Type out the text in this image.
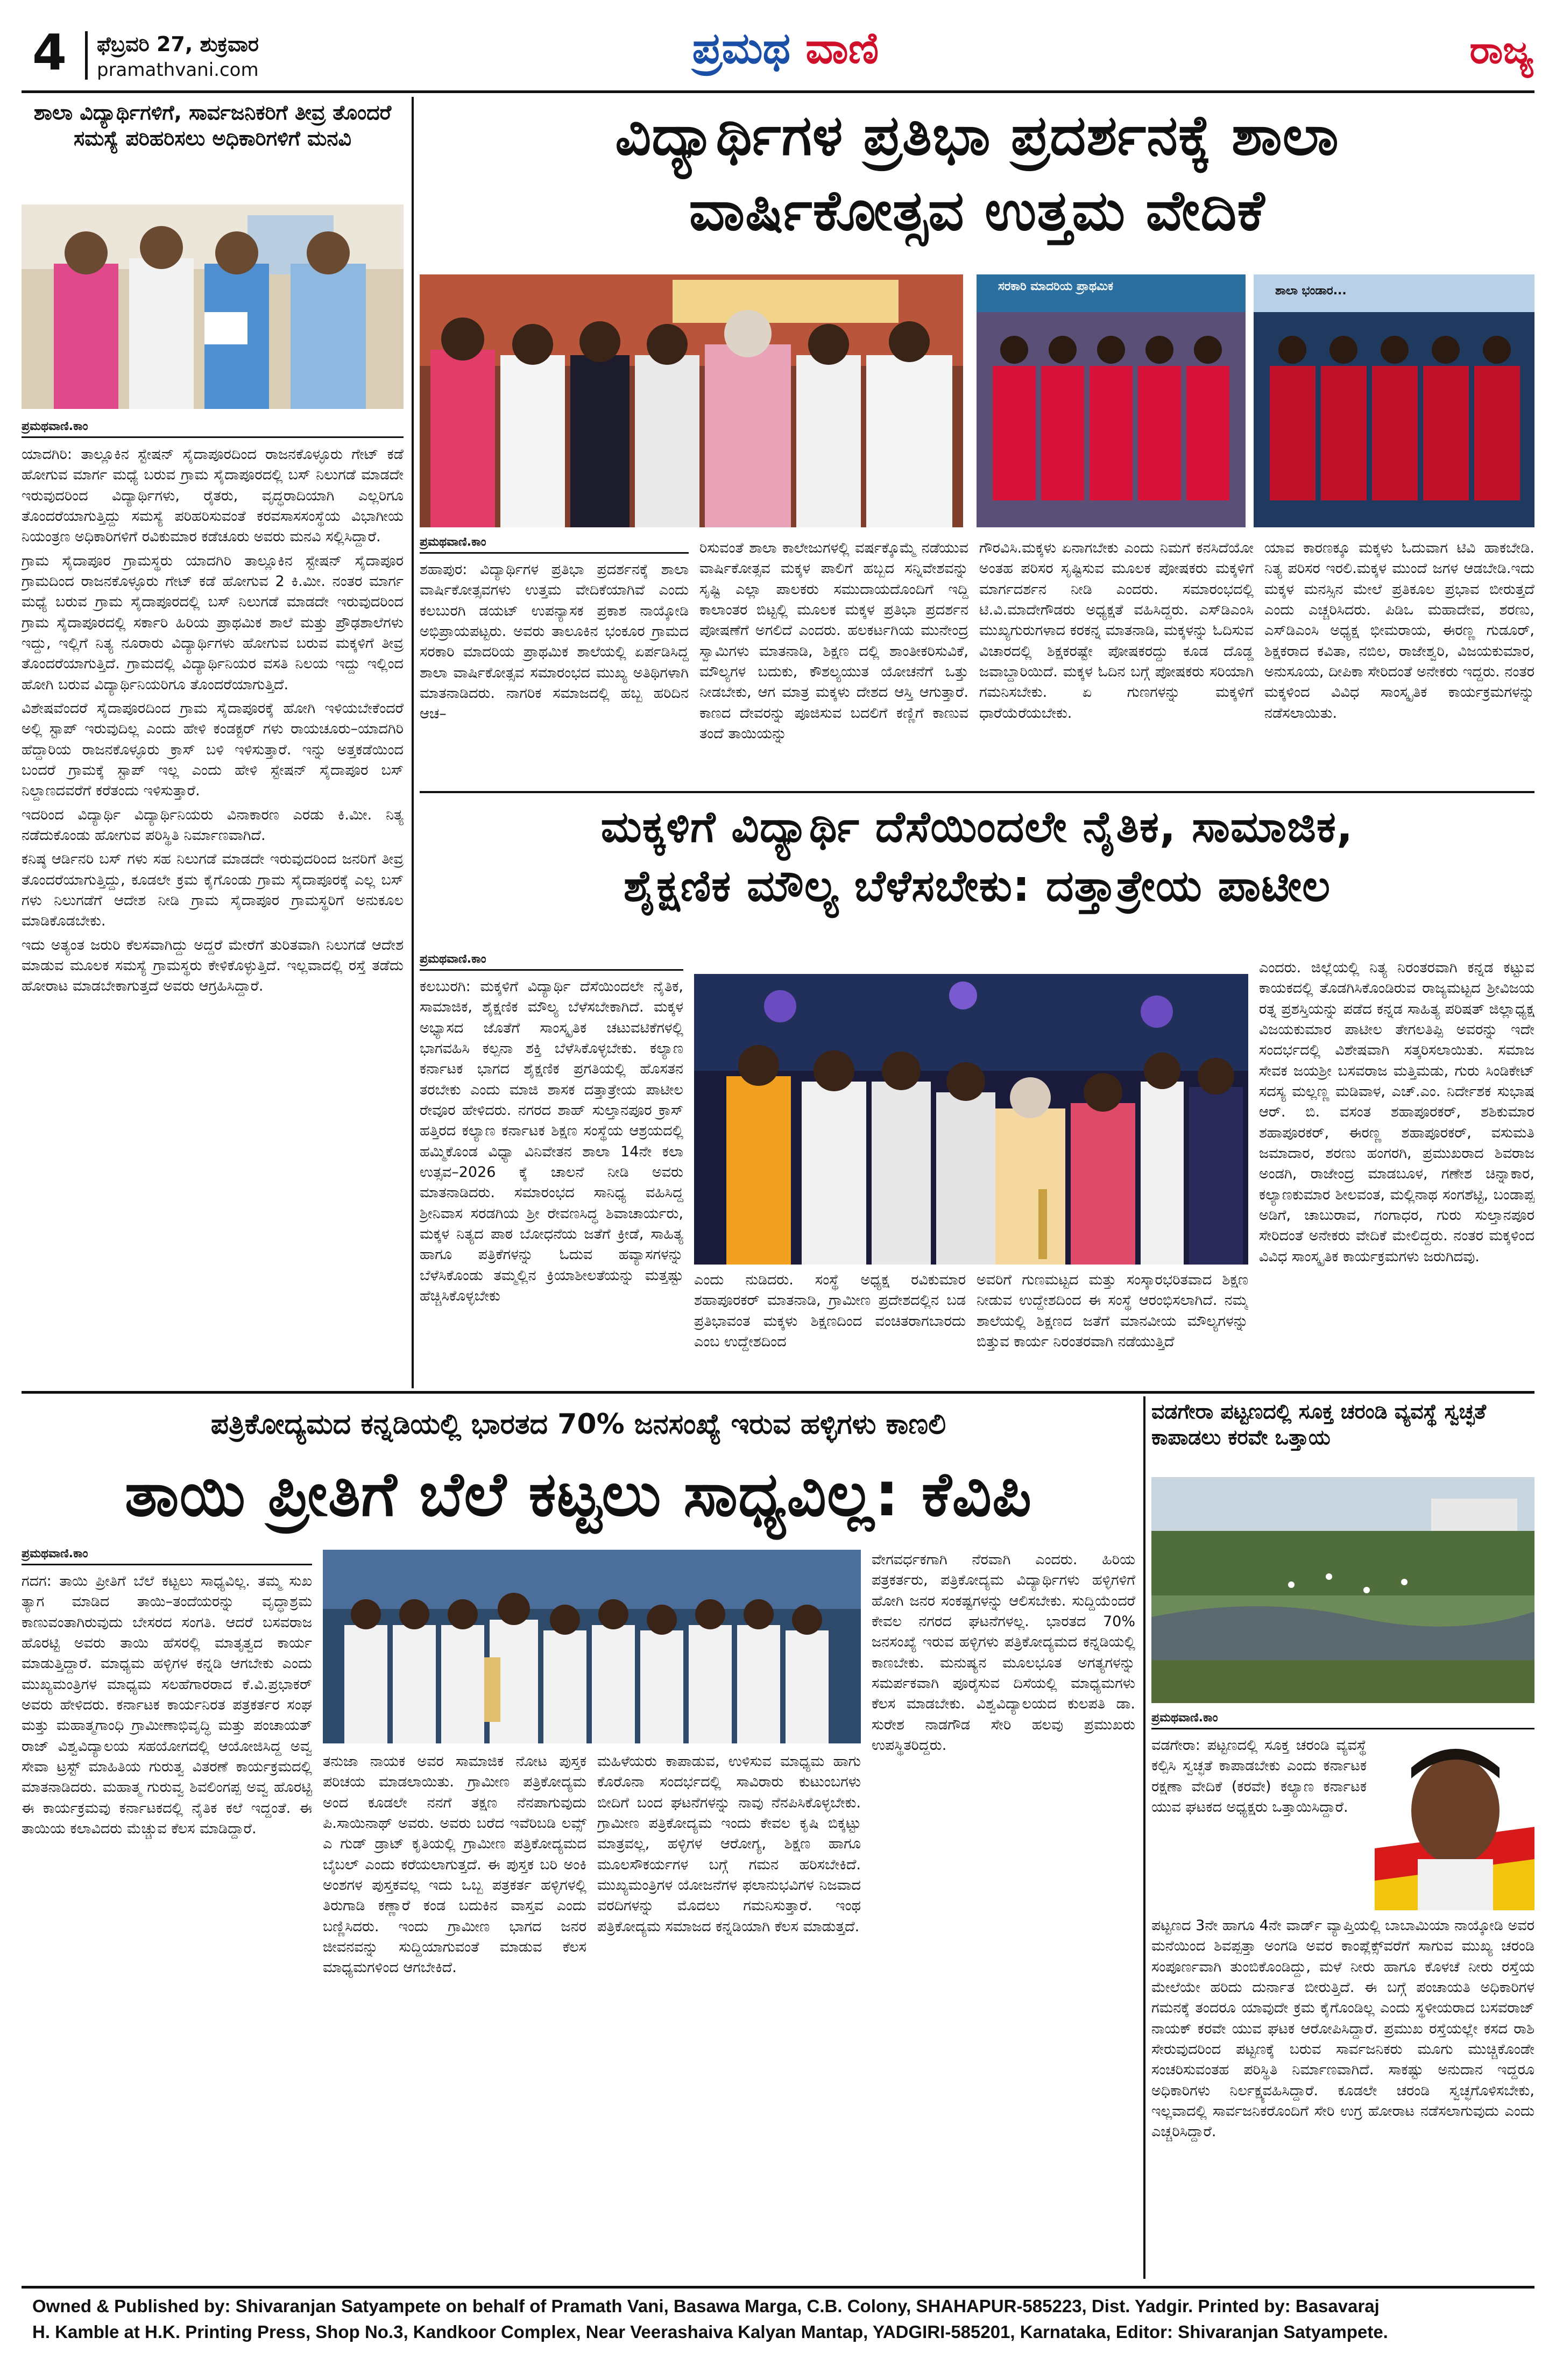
4 ಫೆಬ್ರವರಿ 27, ಶುಕ್ರವಾರ
pramathvani.com	ಪ್ರಮಥ ವಾಣಿ	ರಾಜ್ಯ
ಶಾಲಾ ವಿದ್ಯಾರ್ಥಿಗಳಿಗೆ, ಸಾರ್ವಜನಿಕರಿಗೆ ತೀವ್ರ ತೊಂದರೆ ಸಮಸ್ಯೆ ಪರಿಹರಿಸಲು ಅಧಿಕಾರಿಗಳಿಗೆ ಮನವಿ
ಪ್ರಮಥವಾಣಿ.ಕಾಂ

ಯಾದಗಿರಿ: ತಾಲ್ಲೂಕಿನ ಸ್ಟೇಷನ್ ಸೈದಾಪೂರದಿಂದ ರಾಜನಕೊಳ್ಳೂರು ಗೇಟ್ ಕಡೆ ಹೋಗುವ ಮಾರ್ಗ ಮಧ್ಯೆ ಬರುವ ಗ್ರಾಮ ಸೈದಾಪೂರದಲ್ಲಿ ಬಸ್ ನಿಲುಗಡೆ ಮಾಡದೇ ಇರುವುದರಿಂದ ವಿದ್ಯಾರ್ಥಿಗಳು, ರೈತರು, ವೃದ್ಧರಾದಿಯಾಗಿ ಎಲ್ಲರಿಗೂ ತೊಂದರೆಯಾಗುತ್ತಿದ್ದು ಸಮಸ್ಯೆ ಪರಿಹರಿಸುವಂತೆ ಕರವಸಾಸಸಂಸ್ಥೆಯ ವಿಭಾಗೀಯ ನಿಯಂತ್ರಣ ಅಧಿಕಾರಿಗಳಿಗೆ ರವಿಕುಮಾರ ಕಡೆಚೂರು ಅವರು ಮನವಿ ಸಲ್ಲಿಸಿದ್ದಾರೆ.

ಗ್ರಾಮ ಸೈದಾಪೂರ ಗ್ರಾಮಸ್ಥರು ಯಾದಗಿರಿ ತಾಲ್ಲೂಕಿನ ಸ್ಟೇಷನ್ ಸೈದಾಪೂರ ಗ್ರಾಮದಿಂದ ರಾಜನಕೊಳ್ಳೂರು ಗೇಟ್ ಕಡೆ ಹೋಗುವ 2 ಕಿ.ಮೀ. ನಂತರ ಮಾರ್ಗ ಮಧ್ಯೆ ಬರುವ ಗ್ರಾಮ ಸೈದಾಪೂರದಲ್ಲಿ ಬಸ್ ನಿಲುಗಡೆ ಮಾಡದೇ ಇರುವುದರಿಂದ ಗ್ರಾಮ ಸೈದಾಪೂರದಲ್ಲಿ ಸರ್ಕಾರಿ ಹಿರಿಯ ಪ್ರಾಥಮಿಕ ಶಾಲೆ ಮತ್ತು ಪ್ರೌಢಶಾಲೆಗಳು ಇದ್ದು, ಇಲ್ಲಿಗೆ ನಿತ್ಯ ನೂರಾರು ವಿದ್ಯಾರ್ಥಿಗಳು ಹೋಗುವ ಬರುವ ಮಕ್ಕಳಿಗೆ ತೀವ್ರ ತೊಂದರೆಯಾಗುತ್ತಿದೆ. ಗ್ರಾಮದಲ್ಲಿ ವಿದ್ಯಾರ್ಥಿನಿಯರ ವಸತಿ ನಿಲಯ ಇದ್ದು ಇಲ್ಲಿಂದ ಹೋಗಿ ಬರುವ ವಿದ್ಯಾರ್ಥಿನಿಯರಿಗೂ ತೊಂದರೆಯಾಗುತ್ತಿದೆ.

ವಿಶೇಷವೆಂದರೆ ಸೈದಾಪೂರದಿಂದ ಗ್ರಾಮ ಸೈದಾಪೂರಕ್ಕೆ ಹೋಗಿ ಇಳಿಯಬೇಕೆಂದರೆ ಅಲ್ಲಿ ಸ್ಟಾಪ್ ಇರುವುದಿಲ್ಲ ಎಂದು ಹೇಳಿ ಕಂಡಕ್ಟರ್ ಗಳು ರಾಯಚೂರು–ಯಾದಗಿರಿ ಹೆದ್ದಾರಿಯ ರಾಜನಕೊಳ್ಳೂರು ಕ್ರಾಸ್ ಬಳಿ ಇಳಿಸುತ್ತಾರೆ. ಇನ್ನು ಅತ್ತಕಡೆಯಿಂದ ಬಂದರೆ ಗ್ರಾಮಕ್ಕೆ ಸ್ಟಾಪ್ ಇಲ್ಲ ಎಂದು ಹೇಳಿ ಸ್ಟೇಷನ್ ಸೈದಾಪೂರ ಬಸ್ ನಿಲ್ದಾಣದವರೆಗೆ ಕರೆತಂದು ಇಳಿಸುತ್ತಾರೆ.

ಇದರಿಂದ ವಿದ್ಯಾರ್ಥಿ ವಿದ್ಯಾರ್ಥಿನಿಯರು ವಿನಾಕಾರಣ ಎರಡು ಕಿ.ಮೀ. ನಿತ್ಯ ನಡೆದುಕೊಂಡು ಹೋಗುವ ಪರಿಸ್ಥಿತಿ ನಿರ್ಮಾಣವಾಗಿದೆ.

ಕನಿಷ್ಠ ಆರ್ಡಿನರಿ ಬಸ್ ಗಳು ಸಹ ನಿಲುಗಡೆ ಮಾಡದೇ ಇರುವುದರಿಂದ ಜನರಿಗೆ ತೀವ್ರ ತೊಂದರೆಯಾಗುತ್ತಿದ್ದು, ಕೂಡಲೇ ಕ್ರಮ ಕೈಗೊಂಡು ಗ್ರಾಮ ಸೈದಾಪೂರಕ್ಕೆ ಎಲ್ಲ ಬಸ್ ಗಳು ನಿಲುಗಡೆಗೆ ಆದೇಶ ನೀಡಿ ಗ್ರಾಮ ಸೈದಾಪೂರ ಗ್ರಾಮಸ್ಥರಿಗೆ ಅನುಕೂಲ ಮಾಡಿಕೊಡಬೇಕು.

ಇದು ಅತ್ಯಂತ ಜರುರಿ ಕೆಲಸವಾಗಿದ್ದು ಅದ್ದರೆ ಮೇರೆಗೆ ತುರಿತವಾಗಿ ನಿಲುಗಡೆ ಆದೇಶ ಮಾಡುವ ಮೂಲಕ ಸಮಸ್ಯೆ ಗ್ರಾಮಸ್ಥರು ಕೇಳಿಕೊಳ್ಳುತ್ತಿದೆ. ಇಲ್ಲವಾದಲ್ಲಿ ರಸ್ತೆ ತಡೆದು ಹೋರಾಟ ಮಾಡಬೇಕಾಗುತ್ತದೆ ಅವರು ಆಗ್ರಹಿಸಿದ್ದಾರೆ.

ವಿದ್ಯಾರ್ಥಿಗಳ ಪ್ರತಿಭಾ ಪ್ರದರ್ಶನಕ್ಕೆ ಶಾಲಾ
ವಾರ್ಷಿಕೋತ್ಸವ ಉತ್ತಮ ವೇದಿಕೆ
ಸರಕಾರಿ ಮಾದರಿಯ ಪ್ರಾಥಮಿಕ	ಶಾಲಾ ಭಂಡಾರ...
ಪ್ರಮಥವಾಣಿ.ಕಾಂ
ಶಹಾಪುರ: ವಿದ್ಯಾರ್ಥಿಗಳ ಪ್ರತಿಭಾ ಪ್ರದರ್ಶನಕ್ಕೆ ಶಾಲಾ ವಾರ್ಷಿಕೋತ್ಸವಗಳು ಉತ್ತಮ ವೇದಿಕೆಯಾಗಿವೆ ಎಂದು ಕಲಬುರಗಿ ಡಯಟ್ ಉಪನ್ಯಾಸಕ ಪ್ರಕಾಶ ನಾಯ್ಕೋಡಿ ಅಭಿಪ್ರಾಯಪಟ್ಟರು. ಅವರು ತಾಲೂಕಿನ ಭಂಕೂರ ಗ್ರಾಮದ ಸರಕಾರಿ ಮಾದರಿಯ ಪ್ರಾಥಮಿಕ ಶಾಲೆಯಲ್ಲಿ ಏರ್ಪಡಿಸಿದ್ದ ಶಾಲಾ ವಾರ್ಷಿಕೋತ್ಸವ ಸಮಾರಂಭದ ಮುಖ್ಯ ಅತಿಥಿಗಳಾಗಿ ಮಾತನಾಡಿದರು. ನಾಗರಿಕ ಸಮಾಜದಲ್ಲಿ ಹಬ್ಬ ಹರಿದಿನ ಆಚ–
ರಿಸುವಂತೆ ಶಾಲಾ ಕಾಲೇಜುಗಳಲ್ಲಿ ವರ್ಷಕ್ಕೊಮ್ಮೆ ನಡೆಯುವ ವಾರ್ಷಿಕೋತ್ಸವ ಮಕ್ಕಳ ಪಾಲಿಗೆ ಹಬ್ಬದ ಸನ್ನಿವೇಶವನ್ನು ಸೃಷ್ಟಿ ಎಲ್ಲಾ ಪಾಲಕರು ಸಮುದಾಯದೊಂದಿಗೆ ಇದ್ದಿ ಕಾಲಾಂತರ ಬಿಟ್ಟಲ್ಲಿ ಮೂಲಕ ಮಕ್ಕಳ ಪ್ರತಿಭಾ ಪ್ರದರ್ಶನ ಪೋಷಣೆಗೆ ಅಗಲಿದೆ ಎಂದರು. ಹಲಕರ್ಟಗಿಯ ಮುನೇಂದ್ರ ಸ್ವಾಮಿಗಳು ಮಾತನಾಡಿ, ಶಿಕ್ಷಣ ದಲ್ಲಿ ಶಾಂತೀಕರಿಸುವಿಕೆ, ಮೌಲ್ಯಗಳ ಬದುಕು, ಕೌಶಲ್ಯಯುತ ಯೋಚನೆಗೆ ಒತ್ತು ನೀಡಬೇಕು, ಆಗ ಮಾತ್ರ ಮಕ್ಕಳು ದೇಶದ ಆಸ್ತಿ ಆಗುತ್ತಾರೆ. ಕಾಣದ ದೇವರನ್ನು ಪೂಜಿಸುವ ಬದಲಿಗೆ ಕಣ್ಣಿಗೆ ಕಾಣುವ ತಂದೆ ತಾಯಿಯನ್ನು
ಗೌರವಿಸಿ.ಮಕ್ಕಳು ಏನಾಗಬೇಕು ಎಂದು ನಿಮಗೆ ಕನಸಿದೆಯೋ ಅಂತಹ ಪರಿಸರ ಸೃಷ್ಟಿಸುವ ಮೂಲಕ ಪೋಷಕರು ಮಕ್ಕಳಿಗೆ ಮಾರ್ಗದರ್ಶನ ನೀಡಿ ಎಂದರು. ಸಮಾರಂಭದಲ್ಲಿ ಟಿ.ವಿ.ಮಾದೇಗೌಡರು ಅಧ್ಯಕ್ಷತೆ ವಹಿಸಿದ್ದರು. ಎಸ್‌ಡಿಎಂಸಿ ಮುಖ್ಯಗುರುಗಳಾದ ಕರಕನ್ನ ಮಾತನಾಡಿ, ಮಕ್ಕಳನ್ನು ಓದಿಸುವ ವಿಚಾರದಲ್ಲಿ ಶಿಕ್ಷಕರಷ್ಟೇ ಪೋಷಕರದ್ದು ಕೂಡ ದೊಡ್ಡ ಜವಾಬ್ದಾರಿಯಿದೆ. ಮಕ್ಕಳ ಓದಿನ ಬಗ್ಗೆ ಪೋಷಕರು ಸರಿಯಾಗಿ ಗಮನಿಸಬೇಕು. ಏ ಗುಣಗಳನ್ನು ಮಕ್ಕಳಿಗೆ ಧಾರೆಯೆರೆಯಬೇಕು.
ಯಾವ ಕಾರಣಕ್ಕೂ ಮಕ್ಕಳು ಓದುವಾಗ ಟಿವಿ ಹಾಕಬೇಡಿ. ನಿತ್ಯ ಪರಿಸರ ಇರಲಿ.ಮಕ್ಕಳ ಮುಂದೆ ಜಗಳ ಆಡಬೇಡಿ.ಇದು ಮಕ್ಕಳ ಮನಸ್ಸಿನ ಮೇಲೆ ಪ್ರತಿಕೂಲ ಪ್ರಭಾವ ಬೀರುತ್ತದೆ ಎಂದು ಎಚ್ಚರಿಸಿದರು. ಪಿಡಿಒ ಮಹಾದೇವ, ಶರಣು, ಎಸ್‌ಡಿಎಂಸಿ ಅಧ್ಯಕ್ಷ ಭೀಮರಾಯ, ಈರಣ್ಣ ಗುಡೂರ್, ಶಿಕ್ಷಕರಾದ ಕವಿತಾ, ನಬಿಲ, ರಾಜೇಶ್ವರಿ, ವಿಜಯಕುಮಾರ, ಅನುಸೂಯ, ದೀಪಿಕಾ ಸೇರಿದಂತೆ ಅನೇಕರು ಇದ್ದರು. ನಂತರ ಮಕ್ಕಳಿಂದ ವಿವಿಧ ಸಾಂಸ್ಕೃತಿಕ ಕಾರ್ಯಕ್ರಮಗಳನ್ನು ನಡೆಸಲಾಯಿತು.
ಮಕ್ಕಳಿಗೆ ವಿದ್ಯಾರ್ಥಿ ದೆಸೆಯಿಂದಲೇ ನೈತಿಕ, ಸಾಮಾಜಿಕ,
ಶೈಕ್ಷಣಿಕ ಮೌಲ್ಯ ಬೆಳೆಸಬೇಕು: ದತ್ತಾತ್ರೇಯ ಪಾಟೀಲ
ಪ್ರಮಥವಾಣಿ.ಕಾಂ
ಕಲಬುರಗಿ: ಮಕ್ಕಳಿಗೆ ವಿದ್ಯಾರ್ಥಿ ದೆಸೆಯಿಂದಲೇ ನೈತಿಕ, ಸಾಮಾಜಿಕ, ಶೈಕ್ಷಣಿಕ ಮೌಲ್ಯ ಬೆಳೆಸಬೇಕಾಗಿದೆ. ಮಕ್ಕಳ ಅಭ್ಯಾಸದ ಜೊತೆಗೆ ಸಾಂಸ್ಕೃತಿಕ ಚಟುವಟಿಕೆಗಳಲ್ಲಿ ಭಾಗವಹಿಸಿ ಕಲ್ಪನಾ ಶಕ್ತಿ ಬೆಳೆಸಿಕೊಳ್ಳಬೇಕು. ಕಲ್ಯಾಣ ಕರ್ನಾಟಕ ಭಾಗದ ಶೈಕ್ಷಣಿಕ ಪ್ರಗತಿಯಲ್ಲಿ ಹೊಸತನ ತರಬೇಕು ಎಂದು ಮಾಜಿ ಶಾಸಕ ದತ್ತಾತ್ರೇಯ ಪಾಟೀಲ ರೇವೂರ ಹೇಳಿದರು. ನಗರದ ಶಾಹ್ ಸುಲ್ತಾನಪೂರ ಕ್ರಾಸ್ ಹತ್ತಿರದ ಕಲ್ಯಾಣ ಕರ್ನಾಟಕ ಶಿಕ್ಷಣ ಸಂಸ್ಥೆಯ ಆಶ್ರಯದಲ್ಲಿ ಹಮ್ಮಿಕೊಂಡ ವಿಧ್ಯಾ ವಿನಿವೇತನ ಶಾಲಾ 14ನೇ ಕಲಾ ಉತ್ಸವ–2026 ಕ್ಕೆ ಚಾಲನೆ ನೀಡಿ ಅವರು ಮಾತನಾಡಿದರು. ಸಮಾರಂಭದ ಸಾನಿಧ್ಯ ವಹಿಸಿದ್ದ ಶ್ರೀನಿವಾಸ ಸರಡಗಿಯ ಶ್ರೀ ರೇವಣಸಿದ್ಧ ಶಿವಾಚಾರ್ಯರು, ಮಕ್ಕಳ ನಿತ್ಯದ ಪಾಠ ಬೋಧನೆಯ ಜತೆಗೆ ಕ್ರೀಡೆ, ಸಾಹಿತ್ಯ ಹಾಗೂ ಪತ್ರಿಕೆಗಳನ್ನು ಓದುವ ಹವ್ಯಾಸಗಳನ್ನು ಬೆಳೆಸಿಕೊಂಡು ತಮ್ಮಲ್ಲಿನ ಕ್ರಿಯಾಶೀಲತೆಯನ್ನು ಮತ್ತಷ್ಟು ಹೆಚ್ಚಿಸಿಕೊಳ್ಳಬೇಕು
ಎಂದು ನುಡಿದರು. ಸಂಸ್ಥೆ ಅಧ್ಯಕ್ಷ ರವಿಕುಮಾರ ಶಹಾಪೂರಕರ್ ಮಾತನಾಡಿ, ಗ್ರಾಮೀಣ ಪ್ರದೇಶದಲ್ಲಿನ ಬಡ ಪ್ರತಿಭಾವಂತ ಮಕ್ಕಳು ಶಿಕ್ಷಣದಿಂದ ವಂಚಿತರಾಗಬಾರದು ಎಂಬ ಉದ್ದೇಶದಿಂದ
ಅವರಿಗೆ ಗುಣಮಟ್ಟದ ಮತ್ತು ಸಂಸ್ಕಾರಭರಿತವಾದ ಶಿಕ್ಷಣ ನೀಡುವ ಉದ್ದೇಶದಿಂದ ಈ ಸಂಸ್ಥೆ ಆರಂಭಿಸಲಾಗಿದೆ. ನಮ್ಮ ಶಾಲೆಯಲ್ಲಿ ಶಿಕ್ಷಣದ ಜತೆಗೆ ಮಾನವೀಯ ಮೌಲ್ಯಗಳನ್ನು ಬಿತ್ತುವ ಕಾರ್ಯ ನಿರಂತರವಾಗಿ ನಡೆಯುತ್ತಿದೆ
ಎಂದರು. ಜಿಲ್ಲೆಯಲ್ಲಿ ನಿತ್ಯ ನಿರಂತರವಾಗಿ ಕನ್ನಡ ಕಟ್ಟುವ ಕಾಯಕದಲ್ಲಿ ತೊಡಗಿಸಿಕೊಂಡಿರುವ ರಾಜ್ಯಮಟ್ಟದ ಶ್ರೀವಿಜಯ ರತ್ನ ಪ್ರಶಸ್ತಿಯನ್ನು ಪಡೆದ ಕನ್ನಡ ಸಾಹಿತ್ಯ ಪರಿಷತ್ ಜಿಲ್ಲಾಧ್ಯಕ್ಷ ವಿಜಯಕುಮಾರ ಪಾಟೀಲ ತೇಗಲತಿಪ್ಪಿ ಅವರನ್ನು ಇದೇ ಸಂದರ್ಭದಲ್ಲಿ ವಿಶೇಷವಾಗಿ ಸತ್ಕರಿಸಲಾಯಿತು. ಸಮಾಜ ಸೇವಕ ಜಯಶ್ರೀ ಬಸವರಾಜ ಮತ್ತಿಮಡು, ಗುರು ಸಿಂಡಿಕೇಟ್ ಸದಸ್ಯ ಮಲ್ಲಣ್ಣ ಮಡಿವಾಳ, ಎಚ್.ಎಂ. ನಿರ್ದೇಶಕ ಸುಭಾಷ ಆರ್. ಬಿ. ವಸಂತ ಶಹಾಪೂರಕರ್, ಶಶಿಕುಮಾರ ಶಹಾಪೂರಕರ್, ಈರಣ್ಣ ಶಹಾಪೂರಕರ್, ವಸುಮತಿ ಜಮಾದಾರ, ಶರಣು ಹಂಗರಗಿ, ಪ್ರಮುಖರಾದ ಶಿವರಾಜ ಅಂಡಗಿ, ರಾಜೇಂದ್ರ ಮಾಡಬೂಳ, ಗಣೇಶ ಚಿನ್ನಾಕಾರ, ಕಲ್ಯಾಣಕುಮಾರ ಶೀಲವಂತ, ಮಲ್ಲಿನಾಥ ಸಂಗಶೆಟ್ಟಿ, ಬಂಡಾಪ್ಪ ಅಡಿಗೆ, ಚಾಬುರಾವ, ಗಂಗಾಧರ, ಗುರು ಸುಲ್ತಾನಪೂರ ಸೇರಿದಂತೆ ಅನೇಕರು ವೇದಿಕೆ ಮೇಲಿದ್ದರು. ನಂತರ ಮಕ್ಕಳಿಂದ ವಿವಿಧ ಸಾಂಸ್ಕೃತಿಕ ಕಾರ್ಯಕ್ರಮಗಳು ಜರುಗಿದವು.
ಪತ್ರಿಕೋದ್ಯಮದ ಕನ್ನಡಿಯಲ್ಲಿ ಭಾರತದ 70% ಜನಸಂಖ್ಯೆ ಇರುವ ಹಳ್ಳಿಗಳು ಕಾಣಲಿ
ತಾಯಿ ಪ್ರೀತಿಗೆ ಬೆಲೆ ಕಟ್ಟಲು ಸಾಧ್ಯವಿಲ್ಲ: ಕೆವಿಪಿ
ಪ್ರಮಥವಾಣಿ.ಕಾಂ
ಗದಗ: ತಾಯಿ ಪ್ರೀತಿಗೆ ಬೆಲೆ ಕಟ್ಟಲು ಸಾಧ್ಯವಿಲ್ಲ. ತಮ್ಮ ಸುಖ ತ್ಯಾಗ ಮಾಡಿದ ತಾಯಿ–ತಂದೆಯರನ್ನು ವೃದ್ಧಾಶ್ರಮ ಕಾಣುವಂತಾಗಿರುವುದು ಬೇಸರದ ಸಂಗತಿ. ಆದರೆ ಬಸವರಾಜ ಹೊರಟ್ಟಿ ಅವರು ತಾಯಿ ಹೆಸರಲ್ಲಿ ಮಾತೃತ್ವದ ಕಾರ್ಯ ಮಾಡುತ್ತಿದ್ದಾರೆ. ಮಾಧ್ಯಮ ಹಳ್ಳಿಗಳ ಕನ್ನಡಿ ಆಗಬೇಕು ಎಂದು ಮುಖ್ಯಮಂತ್ರಿಗಳ ಮಾಧ್ಯಮ ಸಲಹೆಗಾರರಾದ ಕೆ.ವಿ.ಪ್ರಭಾಕರ್ ಅವರು ಹೇಳಿದರು. ಕರ್ನಾಟಕ ಕಾರ್ಯನಿರತ ಪತ್ರಕರ್ತರ ಸಂಘ ಮತ್ತು ಮಹಾತ್ಮಗಾಂಧಿ ಗ್ರಾಮೀಣಾಭಿವೃದ್ಧಿ ಮತ್ತು ಪಂಚಾಯತ್ ರಾಜ್ ವಿಶ್ವವಿದ್ಯಾಲಯ ಸಹಯೋಗದಲ್ಲಿ ಆಯೋಜಿಸಿದ್ದ ಅವ್ವ ಸೇವಾ ಟ್ರಸ್ಟ್ ಮಾಹಿತಿಯ ಗುರುತ್ವ ವಿತರಣೆ ಕಾರ್ಯಕ್ರಮದಲ್ಲಿ ಮಾತನಾಡಿದರು. ಮಹಾತ್ಮ ಗುರುವ್ವ ಶಿವಲಿಂಗಪ್ಪ ಅವ್ವ ಹೊರಟ್ಟಿ ಈ ಕಾರ್ಯಕ್ರಮವು ಕರ್ನಾಟಕದಲ್ಲಿ ನೈತಿಕ ಕಲೆ ಇದ್ದಂತೆ. ಈ ತಾಯಿಯ ಕಲಾವಿದರು ಮೆಚ್ಚುವ ಕೆಲಸ ಮಾಡಿದ್ದಾರೆ.
ತನುಜಾ ನಾಯಕ ಅವರ ಸಾಮಾಜಿಕ ನೋಟ ಪುಸ್ತಕ ಪರಿಚಯ ಮಾಡಲಾಯಿತು. ಗ್ರಾಮೀಣ ಪತ್ರಿಕೋದ್ಯಮ ಅಂದ ಕೂಡಲೇ ನನಗೆ ತಕ್ಷಣ ನೆನಪಾಗುವುದು ಪಿ.ಸಾಯಿನಾಥ್ ಅವರು. ಅವರು ಬರೆದ ಇವೆರಿಬಡಿ ಲವ್ಸ್ ಎ ಗುಡ್ ಡ್ರಾಟ್ ಕೃತಿಯಲ್ಲಿ ಗ್ರಾಮೀಣ ಪತ್ರಿಕೋದ್ಯಮದ ಬೈಬಲ್ ಎಂದು ಕರೆಯಲಾಗುತ್ತದೆ. ಈ ಪುಸ್ತಕ ಬರಿ ಅಂಕಿ ಅಂಶಗಳ ಪುಸ್ತಕವಲ್ಲ ಇದು ಒಬ್ಬ ಪತ್ರಕರ್ತ ಹಳ್ಳಿಗಳಲ್ಲಿ ತಿರುಗಾಡಿ ಕಣ್ಣಾರೆ ಕಂಡ ಬದುಕಿನ ವಾಸ್ತವ ಎಂದು ಬಣ್ಣಿಸಿದರು. ಇಂದು ಗ್ರಾಮೀಣ ಭಾಗದ ಜನರ ಜೀವನವನ್ನು ಸುದ್ದಿಯಾಗುವಂತೆ ಮಾಡುವ ಕೆಲಸ ಮಾಧ್ಯಮಗಳಿಂದ ಆಗಬೇಕಿದೆ.
ಮಹಿಳೆಯರು ಕಾಪಾಡುವ, ಉಳಿಸುವ ಮಾಧ್ಯಮ ಹಾಗು ಕೊರೊನಾ ಸಂದರ್ಭದಲ್ಲಿ ಸಾವಿರಾರು ಕುಟುಂಬಗಳು ಬೀದಿಗೆ ಬಂದ ಘಟನೆಗಳನ್ನು ನಾವು ನೆನಪಿಸಿಕೊಳ್ಳಬೇಕು. ಗ್ರಾಮೀಣ ಪತ್ರಿಕೋದ್ಯಮ ಇಂದು ಕೇವಲ ಕೃಷಿ ಬಿಕ್ಕಟ್ಟು ಮಾತ್ರವಲ್ಲ, ಹಳ್ಳಿಗಳ ಆರೋಗ್ಯ, ಶಿಕ್ಷಣ ಹಾಗೂ ಮೂಲಸೌಕರ್ಯಗಳ ಬಗ್ಗೆ ಗಮನ ಹರಿಸಬೇಕಿದೆ. ಮುಖ್ಯಮಂತ್ರಿಗಳ ಯೋಜನೆಗಳ ಫಲಾನುಭವಿಗಳ ನಿಜವಾದ ವರದಿಗಳನ್ನು ಮೊದಲು ಗಮನಿಸುತ್ತಾರೆ. ಇಂಥ ಪತ್ರಿಕೋದ್ಯಮ ಸಮಾಜದ ಕನ್ನಡಿಯಾಗಿ ಕೆಲಸ ಮಾಡುತ್ತದೆ.
ವೇಗವರ್ಧಕಗಾಗಿ ನೆರವಾಗಿ ಎಂದರು. ಹಿರಿಯ ಪತ್ರಕರ್ತರು, ಪತ್ರಿಕೋದ್ಯಮ ವಿದ್ಯಾರ್ಥಿಗಳು ಹಳ್ಳಿಗಳಿಗೆ ಹೋಗಿ ಜನರ ಸಂಕಷ್ಟಗಳನ್ನು ಆಲಿಸಬೇಕು. ಸುದ್ದಿಯೆಂದರೆ ಕೇವಲ ನಗರದ ಘಟನೆಗಳಲ್ಲ. ಭಾರತದ 70% ಜನಸಂಖ್ಯೆ ಇರುವ ಹಳ್ಳಿಗಳು ಪತ್ರಿಕೋದ್ಯಮದ ಕನ್ನಡಿಯಲ್ಲಿ ಕಾಣಬೇಕು. ಮನುಷ್ಯನ ಮೂಲಭೂತ ಅಗತ್ಯಗಳನ್ನು ಸಮರ್ಪಕವಾಗಿ ಪೂರೈಸುವ ದಿಸೆಯಲ್ಲಿ ಮಾಧ್ಯಮಗಳು ಕೆಲಸ ಮಾಡಬೇಕು. ವಿಶ್ವವಿದ್ಯಾಲಯದ ಕುಲಪತಿ ಡಾ. ಸುರೇಶ ನಾಡಗೌಡ ಸೇರಿ ಹಲವು ಪ್ರಮುಖರು ಉಪಸ್ಥಿತರಿದ್ದರು.
ವಡಗೇರಾ ಪಟ್ಟಣದಲ್ಲಿ ಸೂಕ್ತ ಚರಂಡಿ ವ್ಯವಸ್ಥೆ ಸ್ವಚ್ಛತೆ ಕಾಪಾಡಲು ಕರವೇ ಒತ್ತಾಯ
ಪ್ರಮಥವಾಣಿ.ಕಾಂ
ವಡಗೇರಾ: ಪಟ್ಟಣದಲ್ಲಿ ಸೂಕ್ತ ಚರಂಡಿ ವ್ಯವಸ್ಥೆ ಕಲ್ಪಿಸಿ ಸ್ವಚ್ಛತೆ ಕಾಪಾಡಬೇಕು ಎಂದು ಕರ್ನಾಟಕ ರಕ್ಷಣಾ ವೇದಿಕೆ (ಕರವೇ) ಕಲ್ಯಾಣ ಕರ್ನಾಟಕ ಯುವ ಘಟಕದ ಅಧ್ಯಕ್ಷರು ಒತ್ತಾಯಿಸಿದ್ದಾರೆ.
ಪಟ್ಟಣದ 3ನೇ ಹಾಗೂ 4ನೇ ವಾರ್ಡ್ ವ್ಯಾಪ್ತಿಯಲ್ಲಿ ಬಾಬಾಮಿಯಾ ನಾಯ್ಕೋಡಿ ಅವರ ಮನೆಯಿಂದ ಶಿವಪ್ಪತ್ತಾ ಅಂಗಡಿ ಅವರ ಕಾಂಪ್ಲೆಕ್ಸ್‌ವರೆಗೆ ಸಾಗುವ ಮುಖ್ಯ ಚರಂಡಿ ಸಂಪೂರ್ಣವಾಗಿ ತುಂಬಿಕೊಂಡಿದ್ದು, ಮಳೆ ನೀರು ಹಾಗೂ ಕೊಳಚೆ ನೀರು ರಸ್ತೆಯ ಮೇಲೆಯೇ ಹರಿದು ದುರ್ನಾತ ಬೀರುತ್ತಿದೆ. ಈ ಬಗ್ಗೆ ಪಂಚಾಯತಿ ಅಧಿಕಾರಿಗಳ ಗಮನಕ್ಕೆ ತಂದರೂ ಯಾವುದೇ ಕ್ರಮ ಕೈಗೊಂಡಿಲ್ಲ ಎಂದು ಸ್ಥಳೀಯರಾದ ಬಸವರಾಜ್ ನಾಯಕ್ ಕರವೇ ಯುವ ಘಟಕ ಆರೋಪಿಸಿದ್ದಾರೆ. ಪ್ರಮುಖ ರಸ್ತೆಯಲ್ಲೇ ಕಸದ ರಾಶಿ ಸೇರುವುದರಿಂದ ಪಟ್ಟಣಕ್ಕೆ ಬರುವ ಸಾರ್ವಜನಿಕರು ಮೂಗು ಮುಚ್ಚಿಕೊಂಡೇ ಸಂಚರಿಸುವಂತಹ ಪರಿಸ್ಥಿತಿ ನಿರ್ಮಾಣವಾಗಿದೆ. ಸಾಕಷ್ಟು ಅನುದಾನ ಇದ್ದರೂ ಅಧಿಕಾರಿಗಳು ನಿರ್ಲಕ್ಷ್ಯವಹಿಸಿದ್ದಾರೆ. ಕೂಡಲೇ ಚರಂಡಿ ಸ್ವಚ್ಛಗೊಳಿಸಬೇಕು, ಇಲ್ಲವಾದಲ್ಲಿ ಸಾರ್ವಜನಿಕರೊಂದಿಗೆ ಸೇರಿ ಉಗ್ರ ಹೋರಾಟ ನಡೆಸಲಾಗುವುದು ಎಂದು ಎಚ್ಚರಿಸಿದ್ದಾರೆ.
Owned & Published by: Shivaranjan Satyampete on behalf of Pramath Vani, Basawa Marga, C.B. Colony, SHAHAPUR-585223, Dist. Yadgir. Printed by: Basavaraj
H. Kamble at H.K. Printing Press, Shop No.3, Kandkoor Complex, Near Veerashaiva Kalyan Mantap, YADGIRI-585201, Karnataka, Editor: Shivaranjan Satyampete.
